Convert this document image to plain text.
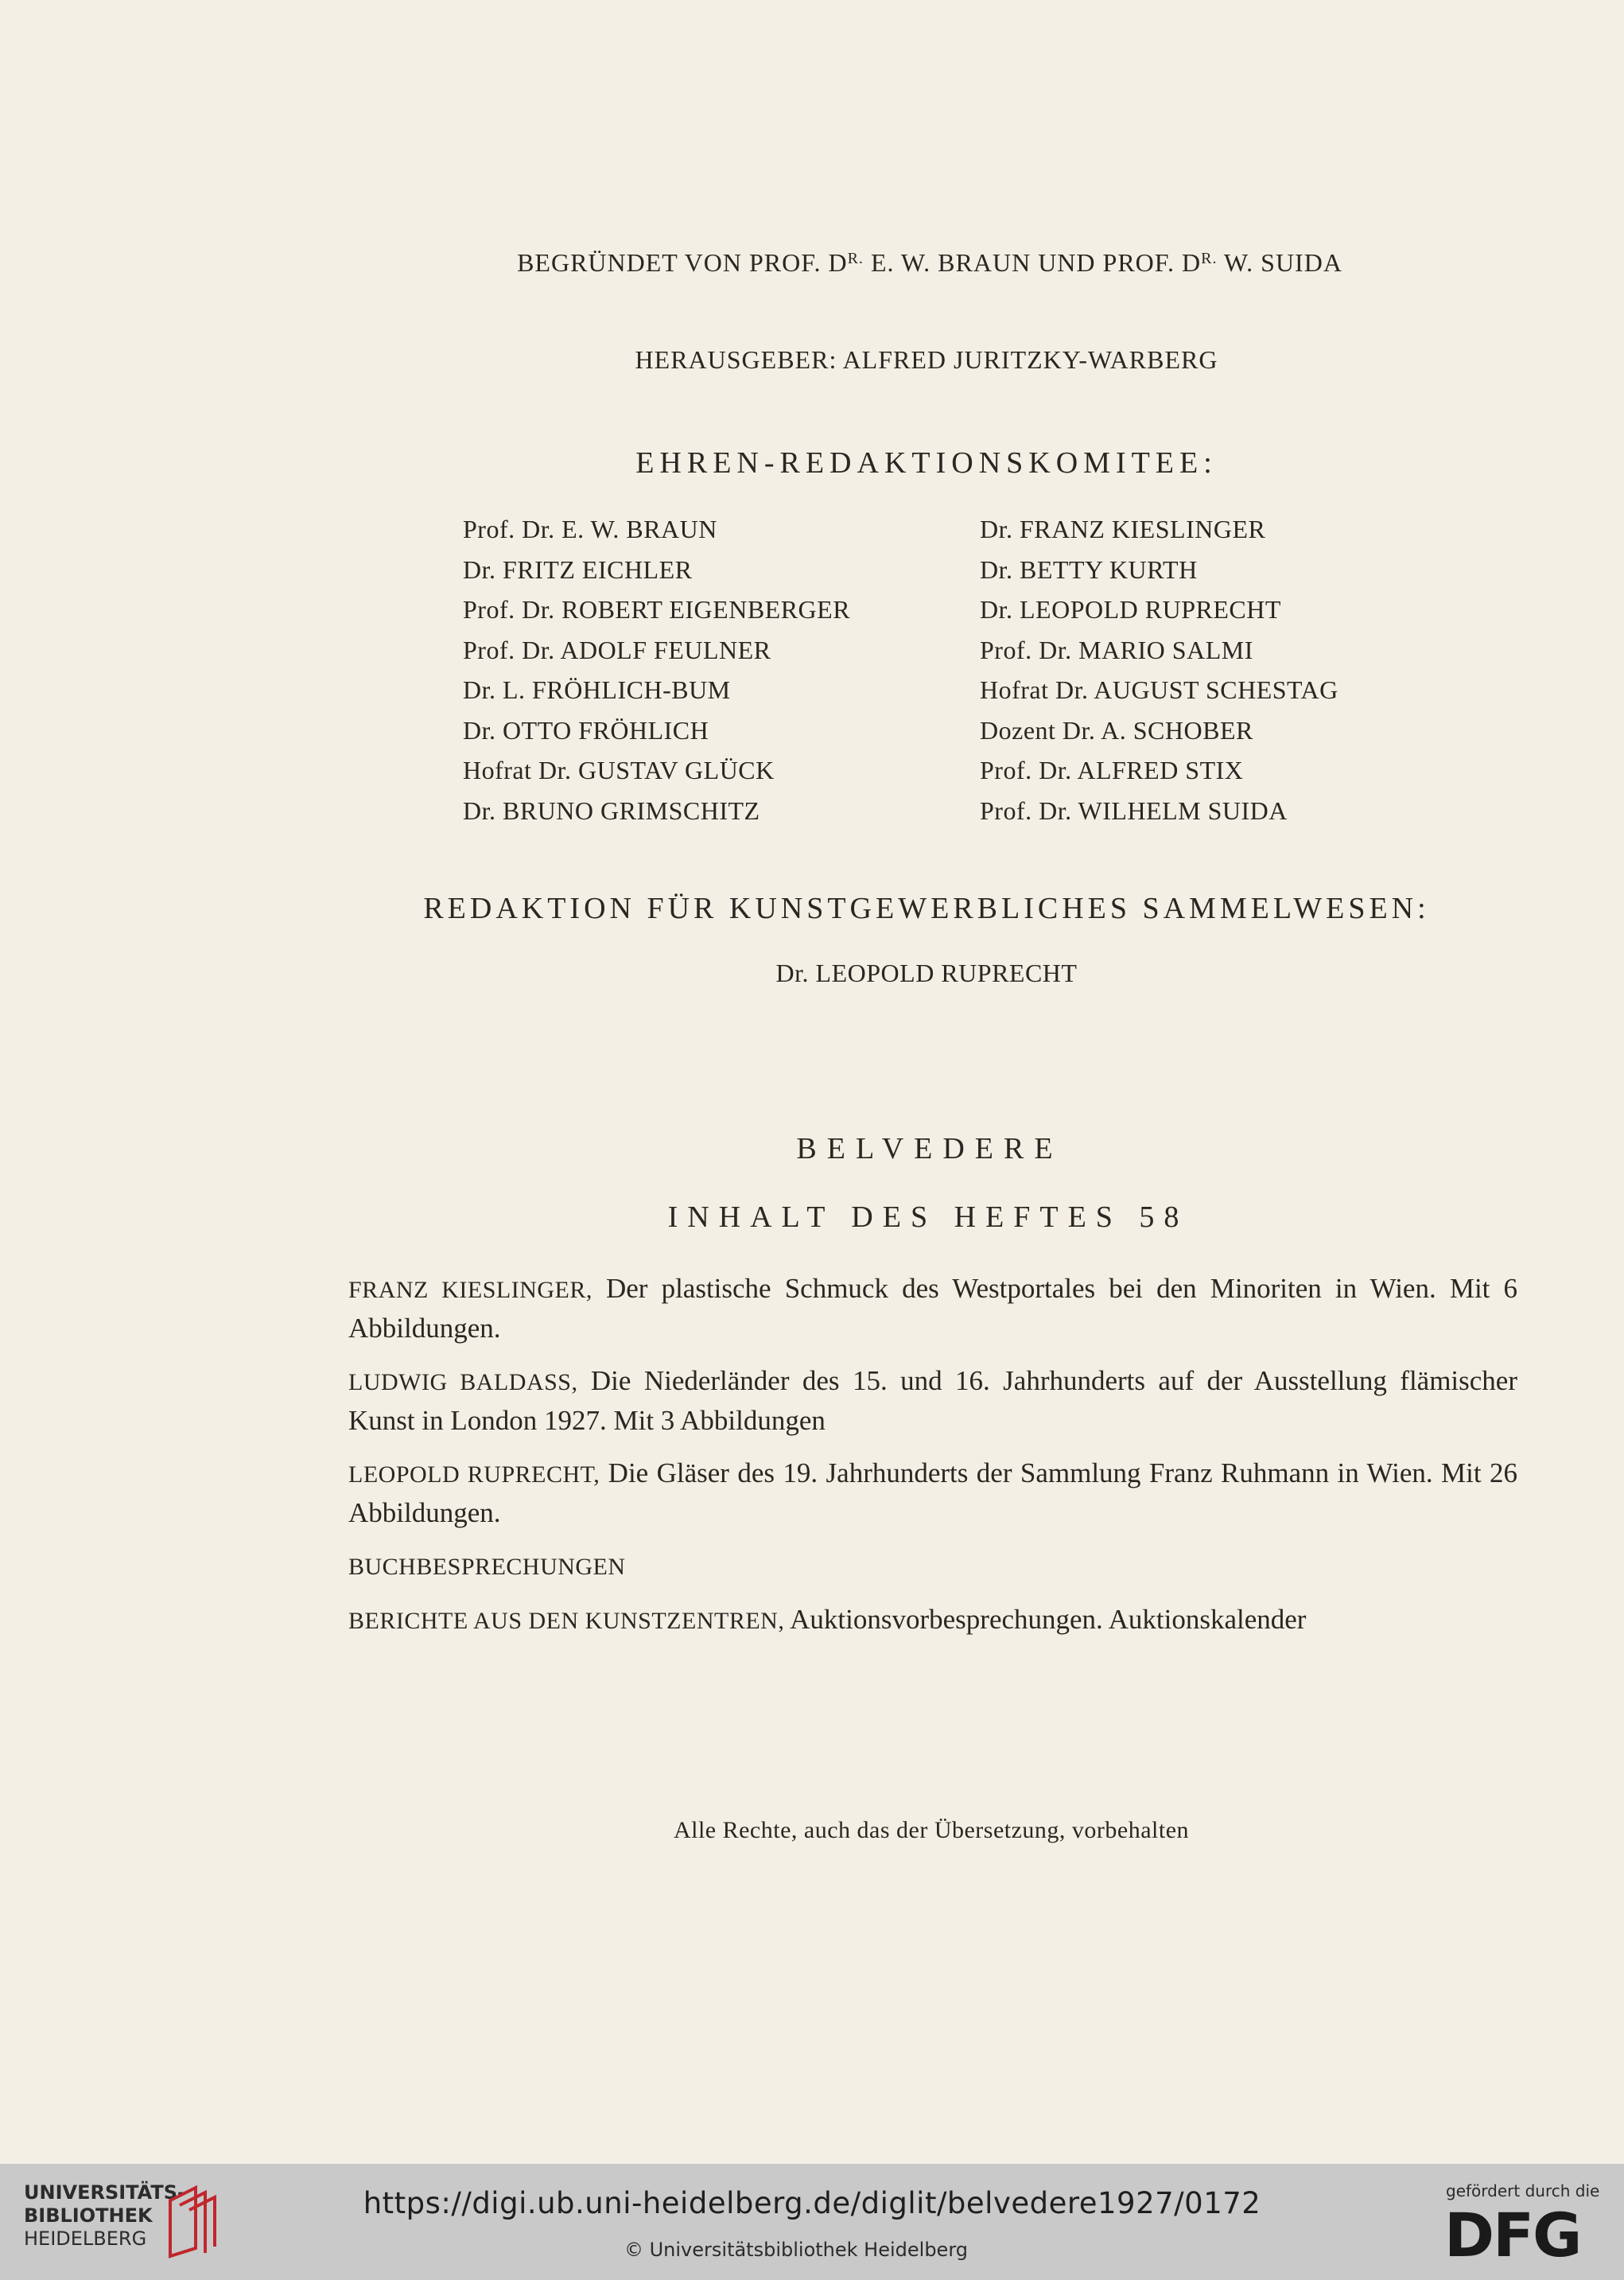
BEGRÜNDET VON PROF. $D^{R.}$ E. W. BRAUN UND PROF. $D^{R.}$ W. SUIDA
HERAUSGEBER: ALFRED JURITZKY-WARBERG
EHREN-REDAKTIONSKOMITEE:
Prof. Dr. E. W. BRAUN
Dr. FRITZ EICHLER
Prof. Dr. ROBERT EIGENBERGER
Prof. Dr. ADOLF FEULNER
Dr. L. FRÖHLICH-BUM
Dr. OTTO FRÖHLICH
Hofrat Dr. GUSTAV GLÜCK
Dr. BRUNO GRIMSCHITZ
Dr. FRANZ KIESLINGER
Dr. BETTY KURTH
Dr. LEOPOLD RUPRECHT
Prof. Dr. MARIO SALMI
Hofrat Dr. AUGUST SCHESTAG
Dozent Dr. A. SCHOBER
Prof. Dr. ALFRED STIX
Prof. Dr. WILHELM SUIDA
REDAKTION FÜR KUNSTGEWERBLICHES SAMMELWESEN:
Dr. LEOPOLD RUPRECHT
BELVEDERE
INHALT DES HEFTES 58
FRANZ KIESLINGER, Der plastische Schmuck des Westportales bei den Minoriten in Wien. Mit 6 Abbildungen.
LUDWIG BALDASS, Die Niederländer des 15. und 16. Jahrhunderts auf der Ausstellung flämischer Kunst in London 1927. Mit 3 Abbildungen
LEOPOLD RUPRECHT, Die Gläser des 19. Jahrhunderts der Sammlung Franz Ruhmann in Wien. Mit 26 Abbildungen.
BUCHBESPRECHUNGEN
BERICHTE AUS DEN KUNSTZENTREN, Auktionsvorbesprechungen. Auktionskalender
Alle Rechte, auch das der Übersetzung, vorbehalten
UNIVERSITÄTS-
BIBLIOTHEK
HEIDELBERG
https://digi.ub.uni-heidelberg.de/diglit/belvedere1927/0172
© Universitätsbibliothek Heidelberg
gefördert durch die
DFG
